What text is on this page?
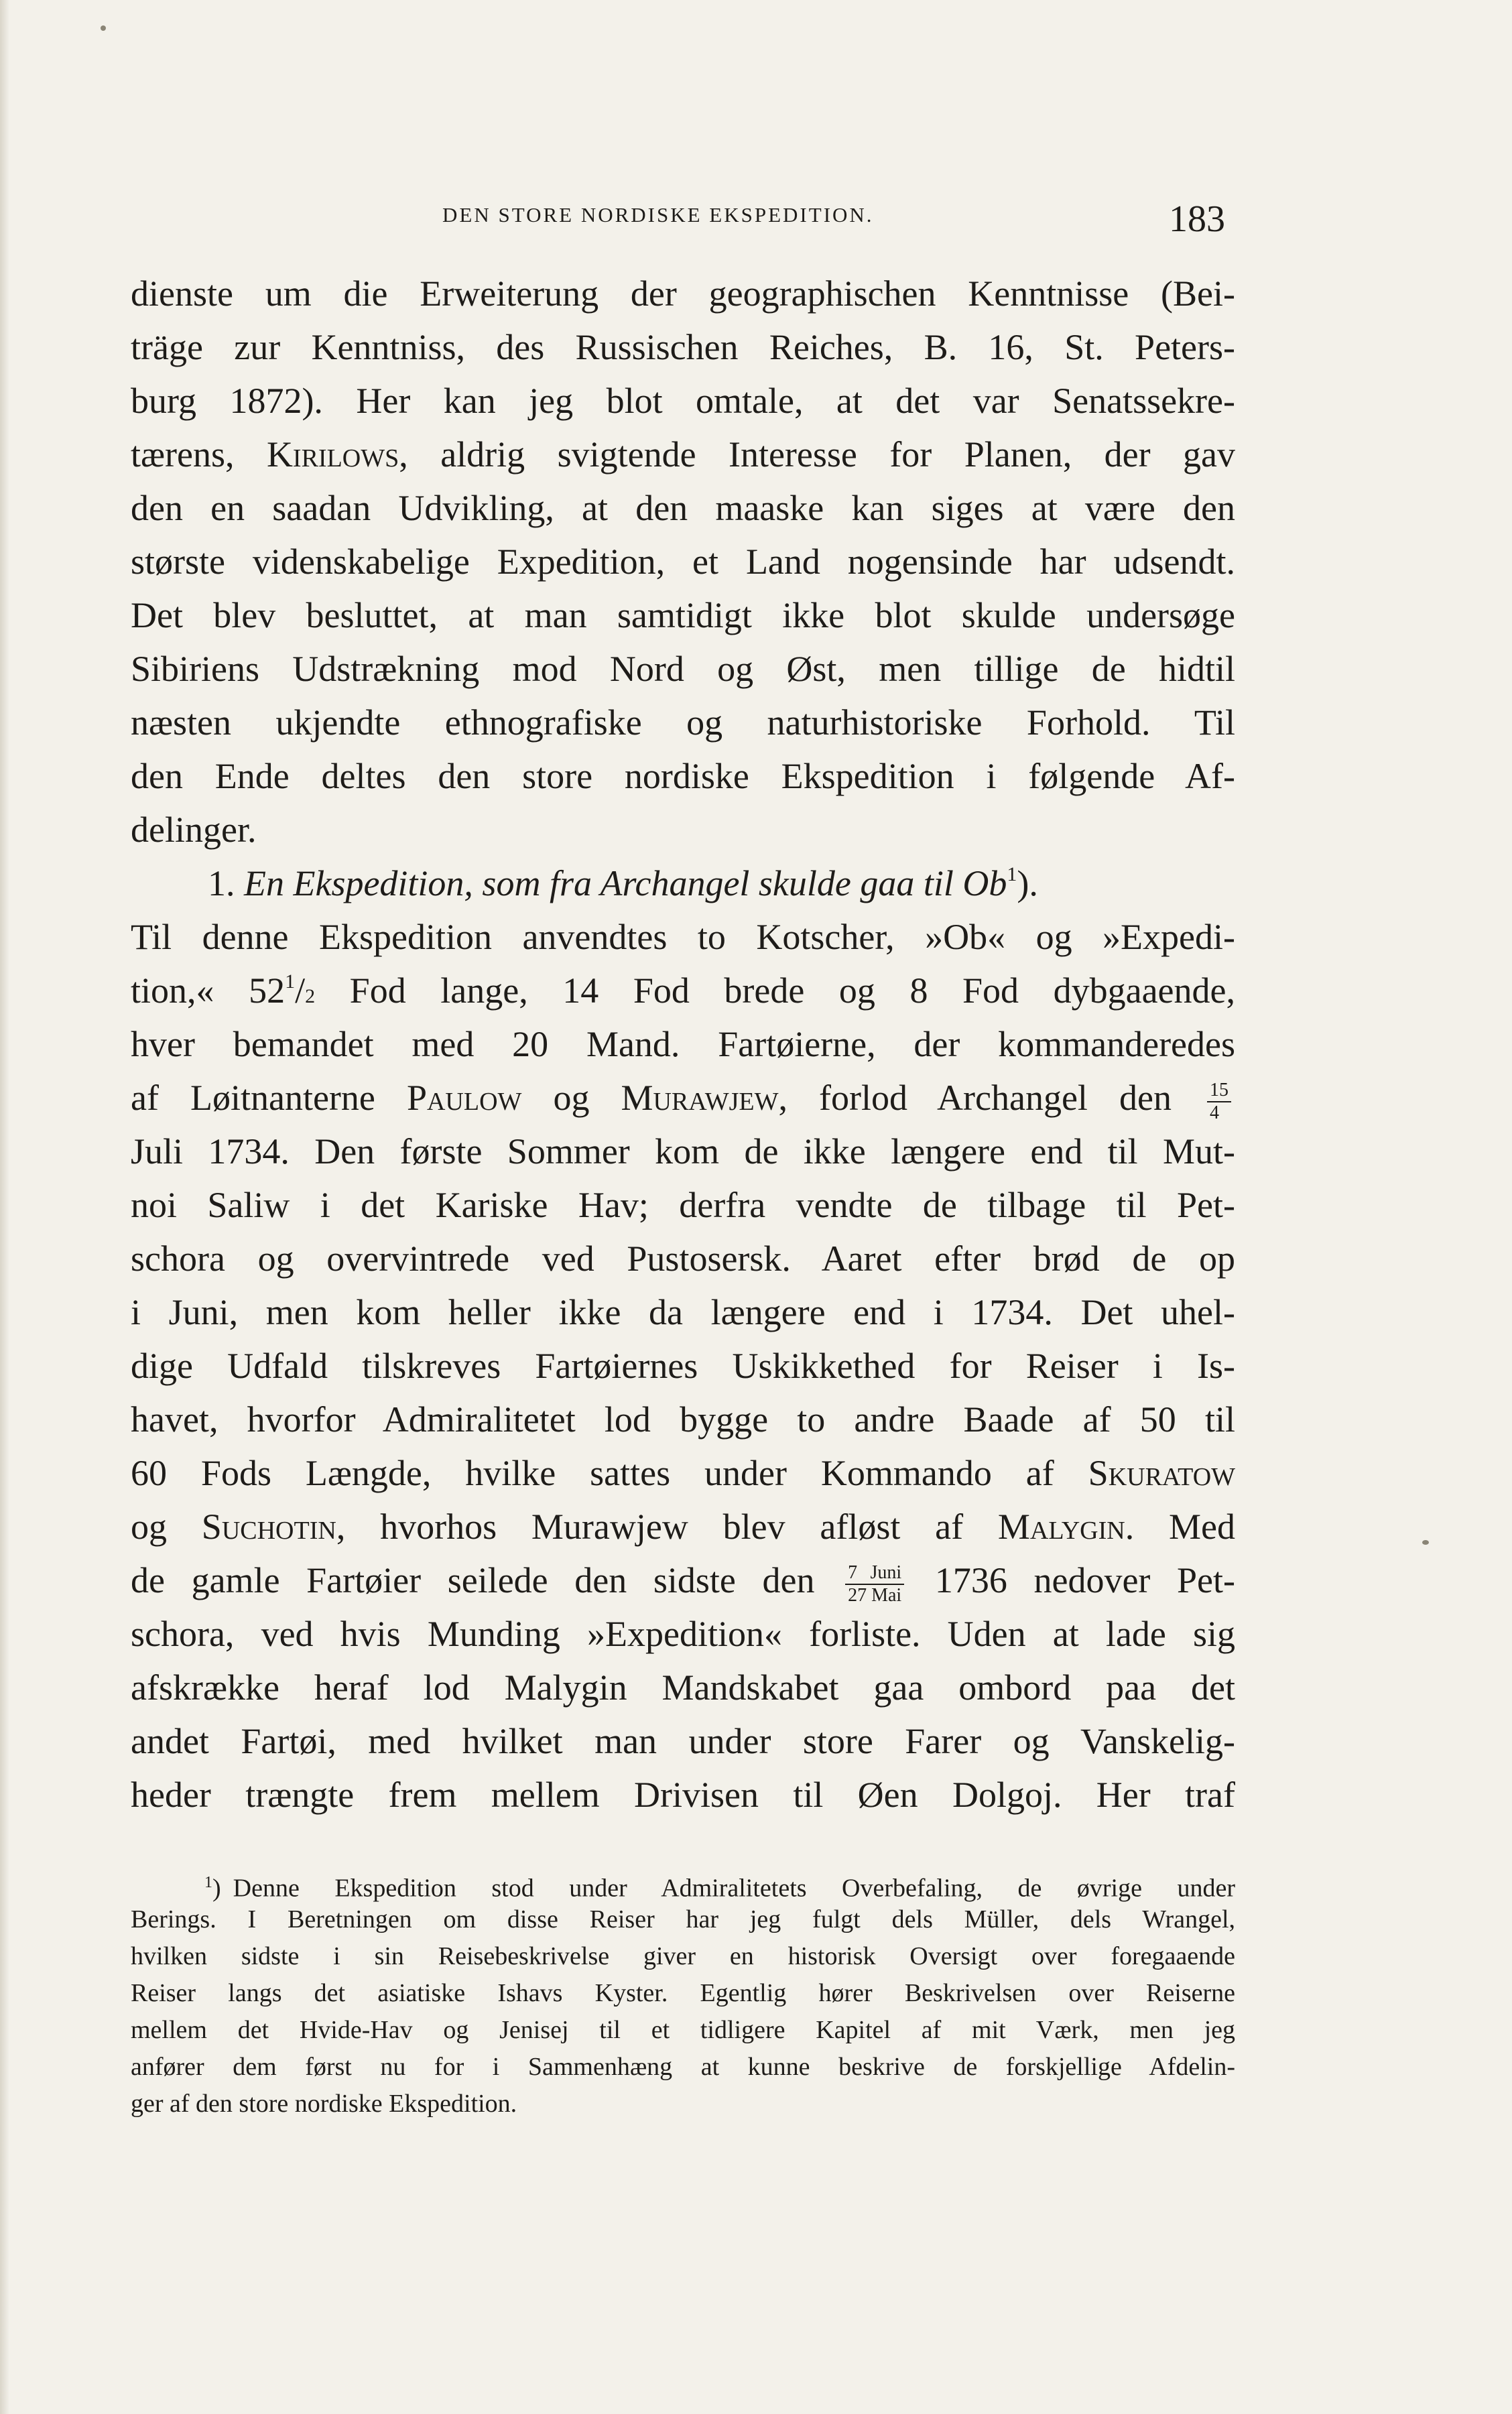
DEN STORE NORDISKE EKSPEDITION.	183
dienste um die Erweiterung der geographischen Kenntnisse (Bei-
träge zur Kenntniss, des Russischen Reiches, B. 16, St. Peters-
burg 1872). Her kan jeg blot omtale, at det var Senatssekre-
tærens, Kirilows, aldrig svigtende Interesse for Planen, der gav
den en saadan Udvikling, at den maaske kan siges at være den
største videnskabelige Expedition, et Land nogensinde har udsendt.
Det blev besluttet, at man samtidigt ikke blot skulde undersøge
Sibiriens Udstrækning mod Nord og Øst, men tillige de hidtil
næsten ukjendte ethnografiske og naturhistoriske Forhold. Til
den Ende deltes den store nordiske Ekspedition i følgende Af-
delinger.
1. En Ekspedition, som fra Archangel skulde gaa til Ob$^1$).
Til denne Ekspedition anvendtes to Kotscher, »Ob« og »Expedi-
tion,« $52^1/2$ Fod lange, 14 Fod brede og 8 Fod dybgaaende,
hver bemandet med 20 Mand. Fartøierne, der kommanderedes
af Løitnanterne Paulow og Murawjew, forlod Archangel den $\frac{15}{4}$
Juli 1734. Den første Sommer kom de ikke længere end til Mut-
noi Saliw i det Kariske Hav; derfra vendte de tilbage til Pet-
schora og overvintrede ved Pustosersk. Aaret efter brød de op
i Juni, men kom heller ikke da længere end i 1734. Det uhel-
dige Udfald tilskreves Fartøiernes Uskikkethed for Reiser i Is-
havet, hvorfor Admiralitetet lod bygge to andre Baade af 50 til
60 Fods Længde, hvilke sattes under Kommando af Skuratow
og Suchotin, hvorhos Murawjew blev afløst af Malygin. Med
de gamle Fartøier seilede den sidste den $\frac{\text{7 Juni}}{\text{27 Mai}} 1736$ nedover Pet-
schora, ved hvis Munding »Expedition« forliste. Uden at lade sig
afskrække heraf lod Malygin Mandskabet gaa ombord paa det
andet Fartøi, med hvilket man under store Farer og Vanskelig-
heder trængte frem mellem Drivisen til Øen Dolgoj. Her traf
$^1$) Denne Ekspedition stod under Admiralitetets Overbefaling, de øvrige under
Berings. I Beretningen om disse Reiser har jeg fulgt dels Müller, dels Wrangel,
hvilken sidste i sin Reisebeskrivelse giver en historisk Oversigt over foregaaende
Reiser langs det asiatiske Ishavs Kyster. Egentlig hører Beskrivelsen over Reiserne
mellem det Hvide-Hav og Jenisej til et tidligere Kapitel af mit Værk, men jeg
anfører dem først nu for i Sammenhæng at kunne beskrive de forskjellige Afdelin-
ger af den store nordiske Ekspedition.
